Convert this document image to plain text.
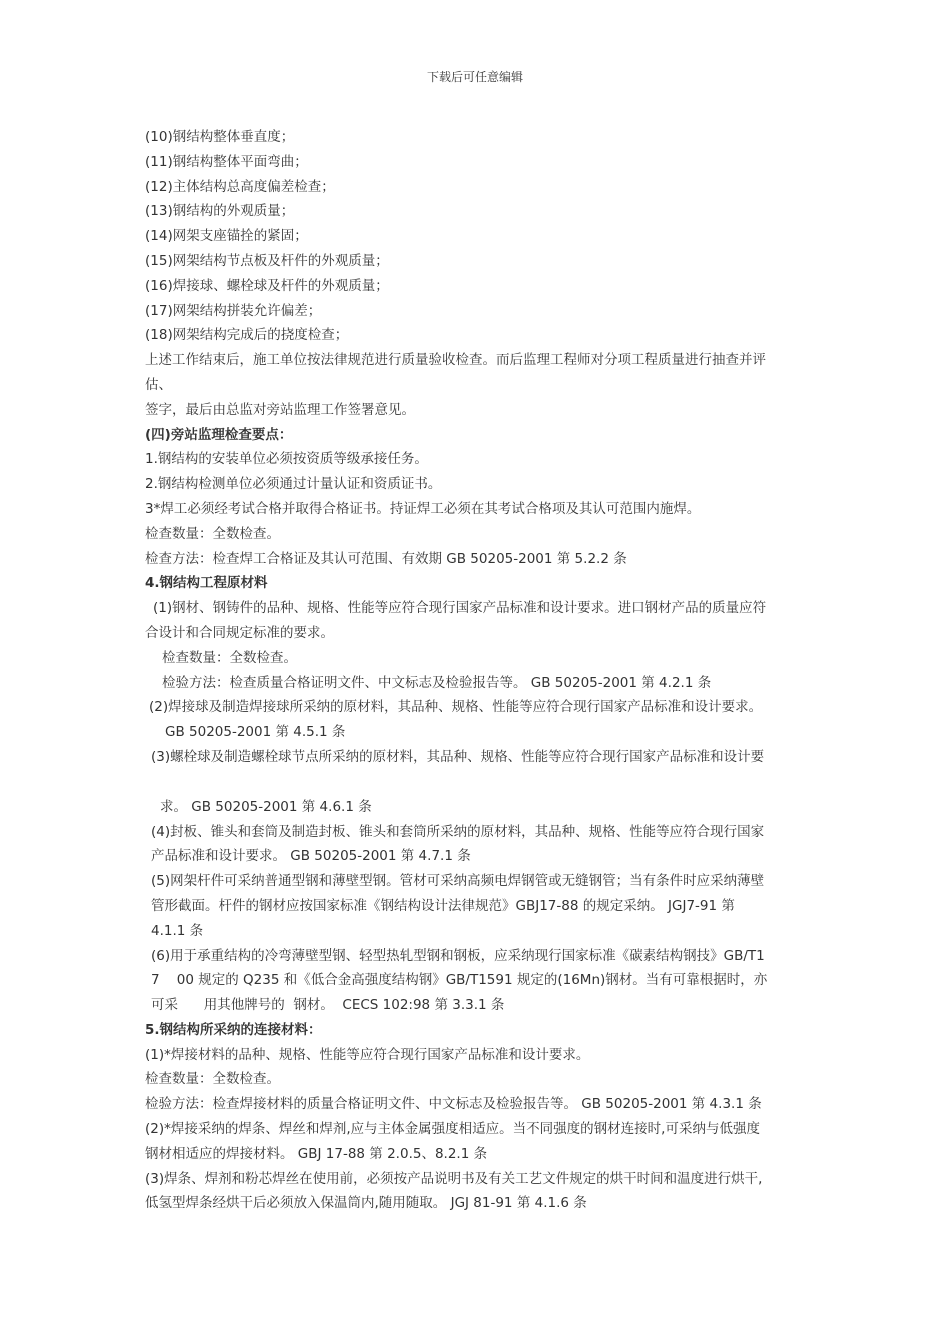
下载后可任意编辑
(10)钢结构整体垂直度；
(11)钢结构整体平面弯曲；
(12)主体结构总高度偏差检查；
(13)钢结构的外观质量；
(14)网架支座锚拴的紧固；
(15)网架结构节点板及杆件的外观质量；
(16)焊接球、螺栓球及杆件的外观质量；
(17)网架结构拼装允许偏差；
(18)网架结构完成后的挠度检查；
上述工作结束后，施工单位按法律规范进行质量验收检查。而后监理工程师对分项工程质量进行抽查并评
估、
签字，最后由总监对旁站监理工作签署意见。
(四)旁站监理检查要点：
1.钢结构的安装单位必须按资质等级承接任务。
2.钢结构检测单位必须通过计量认证和资质证书。
3*焊工必须经考试合格并取得合格证书。持证焊工必须在其考试合格项及其认可范围内施焊。
检查数量：全数检查。
检查方法：检查焊工合格证及其认可范围、有效期 GB 50205-2001 第 5.2.2 条
4.钢结构工程原材料
(1)钢材、钢铸件的品种、规格、性能等应符合现行国家产品标准和设计要求。进口钢材产品的质量应符
合设计和合同规定标准的要求。
检查数量：全数检查。
检验方法：检查质量合格证明文件、中文标志及检验报告等。 GB 50205-2001 第 4.2.1 条
(2)焊接球及制造焊接球所采纳的原材料，其品种、规格、性能等应符合现行国家产品标准和设计要求。
GB 50205-2001 第 4.5.1 条
(3)螺栓球及制造螺栓球节点所采纳的原材料，其品种、规格、性能等应符合现行国家产品标准和设计要
求。 GB 50205-2001 第 4.6.1 条
(4)封板、锥头和套筒及制造封板、锥头和套筒所采纳的原材料，其品种、规格、性能等应符合现行国家
产品标准和设计要求。 GB 50205-2001 第 4.7.1 条
(5)网架杆件可采纳普通型钢和薄壁型钢。管材可采纳高频电焊钢管或无缝钢管；当有条件时应采纳薄壁
管形截面。杆件的钢材应按国家标准《钢结构设计法律规范》GBJ17-88 的规定采纳。 JGJ7-91 第
4.1.1 条
(6)用于承重结构的冷弯薄壁型钢、轻型热轧型钢和钢板，应采纳现行国家标准《碳素结构钢技》GB/T1
7    00 规定的 Q235 和《低合金高强度结构钢》GB/T1591 规定的(16Mn)钢材。当有可靠根据时，亦
可采      用其他牌号的  钢材。  CECS 102:98 第 3.3.1 条
5.钢结构所采纳的连接材料：
(1)*焊接材料的品种、规格、性能等应符合现行国家产品标准和设计要求。
检查数量：全数检查。
检验方法：检查焊接材料的质量合格证明文件、中文标志及检验报告等。 GB 50205-2001 第 4.3.1 条
(2)*焊接采纳的焊条、焊丝和焊剂,应与主体金属强度相适应。当不同强度的钢材连接时,可采纳与低强度
钢材相适应的焊接材料。 GBJ 17-88 第 2.0.5、8.2.1 条
(3)焊条、焊剂和粉芯焊丝在使用前，必须按产品说明书及有关工艺文件规定的烘干时间和温度进行烘干,
低氢型焊条经烘干后必须放入保温筒内,随用随取。 JGJ 81-91 第 4.1.6 条
